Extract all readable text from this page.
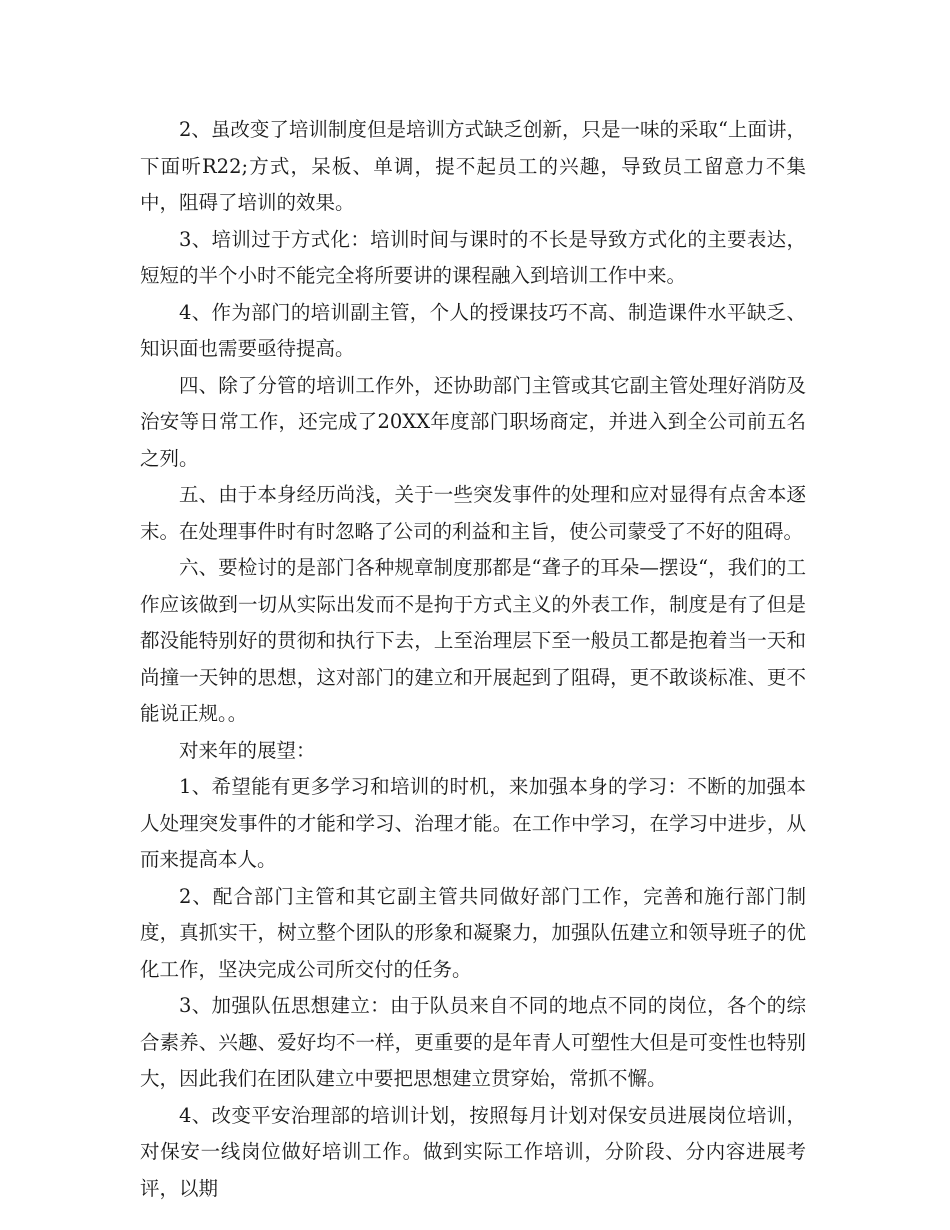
2、虽改变了培训制度但是培训方式缺乏创新，只是一味的采取“上面讲，下面听R22;方式，呆板、单调，提不起员工的兴趣，导致员工留意力不集中，阻碍了培训的效果。

3、培训过于方式化：培训时间与课时的不长是导致方式化的主要表达，短短的半个小时不能完全将所要讲的课程融入到培训工作中来。

4、作为部门的培训副主管，个人的授课技巧不高、制造课件水平缺乏、知识面也需要亟待提高。

四、除了分管的培训工作外，还协助部门主管或其它副主管处理好消防及治安等日常工作，还完成了20XX年度部门职场商定，并进入到全公司前五名之列。

五、由于本身经历尚浅，关于一些突发事件的处理和应对显得有点舍本逐末。在处理事件时有时忽略了公司的利益和主旨，使公司蒙受了不好的阻碍。

六、要检讨的是部门各种规章制度那都是“聋子的耳朵—摆设“，我们的工作应该做到一切从实际出发而不是拘于方式主义的外表工作，制度是有了但是都没能特别好的贯彻和执行下去，上至治理层下至一般员工都是抱着当一天和尚撞一天钟的思想，这对部门的建立和开展起到了阻碍，更不敢谈标准、更不能说正规。。

对来年的展望：

1、希望能有更多学习和培训的时机，来加强本身的学习：不断的加强本人处理突发事件的才能和学习、治理才能。在工作中学习，在学习中进步，从而来提高本人。

2、配合部门主管和其它副主管共同做好部门工作，完善和施行部门制度，真抓实干，树立整个团队的形象和凝聚力，加强队伍建立和领导班子的优化工作，坚决完成公司所交付的任务。

3、加强队伍思想建立：由于队员来自不同的地点不同的岗位，各个的综合素养、兴趣、爱好均不一样，更重要的是年青人可塑性大但是可变性也特别大，因此我们在团队建立中要把思想建立贯穿始，常抓不懈。

4、改变平安治理部的培训计划，按照每月计划对保安员进展岗位培训，对保安一线岗位做好培训工作。做到实际工作培训，分阶段、分内容进展考评，以期
